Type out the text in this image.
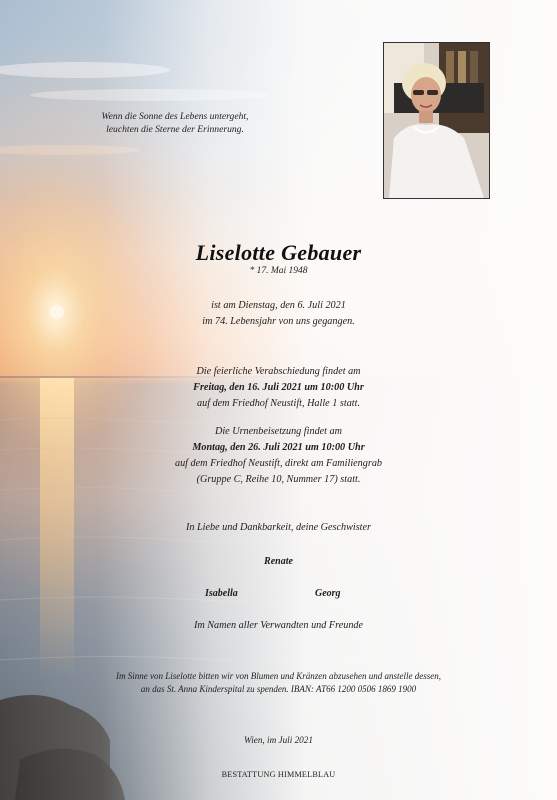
Wenn die Sonne des Lebens untergeht,
leuchten die Sterne der Erinnerung.
Liselotte Gebauer
* 17. Mai 1948
ist am Dienstag, den 6. Juli 2021
im 74. Lebensjahr von uns gegangen.
Die feierliche Verabschiedung findet am
Freitag, den 16. Juli 2021 um 10:00 Uhr
auf dem Friedhof Neustift, Halle 1 statt.
Die Urnenbeisetzung findet am
Montag, den 26. Juli 2021 um 10:00 Uhr
auf dem Friedhof Neustift, direkt am Familiengrab
(Gruppe C, Reihe 10, Nummer 17) statt.
In Liebe und Dankbarkeit, deine Geschwister
Renate
Isabella	Georg
Im Namen aller Verwandten und Freunde
Im Sinne von Liselotte bitten wir von Blumen und Kränzen abzusehen und anstelle dessen,
an das St. Anna Kinderspital zu spenden. IBAN: AT66 1200 0506 1869 1900
Wien, im Juli 2021
BESTATTUNG HIMMELBLAU
